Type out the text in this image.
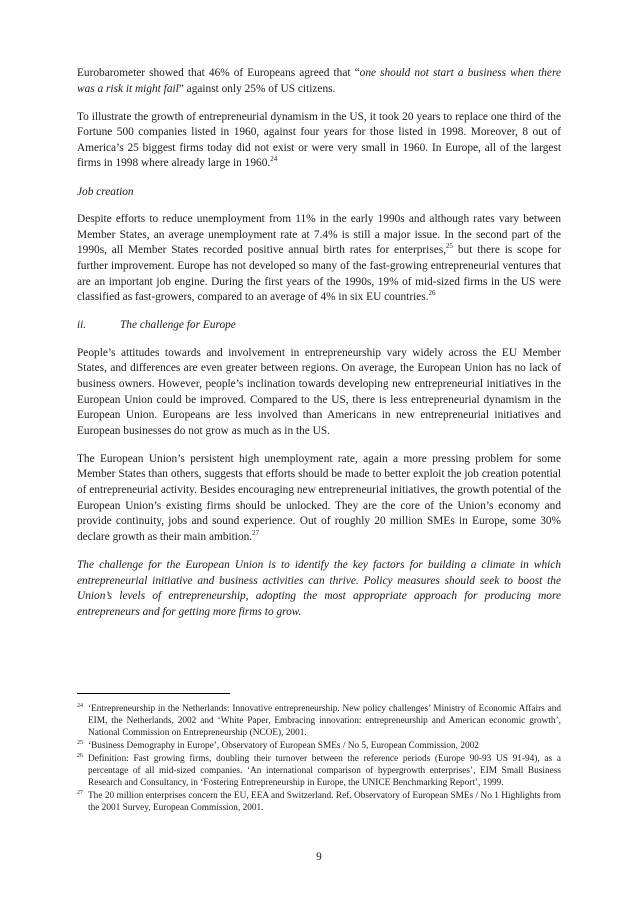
Eurobarometer showed that 46% of Europeans agreed that “one should not start a business when there was a risk it might fail” against only 25% of US citizens.

To illustrate the growth of entrepreneurial dynamism in the US, it took 20 years to replace one third of the Fortune 500 companies listed in 1960, against four years for those listed in 1998. Moreover, 8 out of America’s 25 biggest firms today did not exist or were very small in 1960. In Europe, all of the largest firms in 1998 where already large in 1960.24

Job creation

Despite efforts to reduce unemployment from 11% in the early 1990s and although rates vary between Member States, an average unemployment rate at 7.4% is still a major issue. In the second part of the 1990s, all Member States recorded positive annual birth rates for enterprises,$^{25}$ but there is scope for further improvement. Europe has not developed so many of the fast-growing entrepreneurial ventures that are an important job engine. During the first years of the 1990s, 19% of mid-sized firms in the US were classified as fast-growers, compared to an average of 4% in six EU countries.$^{26}$

ii.	The challenge for Europe

People’s attitudes towards and involvement in entrepreneurship vary widely across the EU Member States, and differences are even greater between regions. On average, the European Union has no lack of business owners. However, people’s inclination towards developing new entrepreneurial initiatives in the European Union could be improved. Compared to the US, there is less entrepreneurial dynamism in the European Union. Europeans are less involved than Americans in new entrepreneurial initiatives and European businesses do not grow as much as in the US.

The European Union’s persistent high unemployment rate, again a more pressing problem for some Member States than others, suggests that efforts should be made to better exploit the job creation potential of entrepreneurial activity. Besides encouraging new entrepreneurial initiatives, the growth potential of the European Union’s existing firms should be unlocked. They are the core of the Union’s economy and provide continuity, jobs and sound experience. Out of roughly 20 million SMEs in Europe, some 30% declare growth as their main ambition.$^{27}$

The challenge for the European Union is to identify the key factors for building a climate in which entrepreneurial initiative and business activities can thrive. Policy measures should seek to boost the Union’s levels of entrepreneurship, adopting the most appropriate approach for producing more entrepreneurs and for getting more firms to grow.

24 ‘Entrepreneurship in the Netherlands: Innovative entrepreneurship. New policy challenges’ Ministry of Economic Affairs and EIM, the Netherlands, 2002 and ‘White Paper, Embracing innovation: entrepreneurship and American economic growth’, National Commission on Entrepreneurship (NCOE), 2001.
25 ‘Business Demography in Europe’, Observatory of European SMEs / No 5, European Commission, 2002
26 Definition: Fast growing firms, doubling their turnover between the reference periods (Europe 90-93 US 91-94), as a percentage of all mid-sized companies. ‘An international comparison of hypergrowth enterprises’, EIM Small Business Research and Consultancy, in ‘Fostering Entrepreneurship in Europe, the UNICE Benchmarking Report’, 1999.
27 The 20 million enterprises concern the EU, EEA and Switzerland. Ref. Observatory of European SMEs / No 1 Highlights from the 2001 Survey, European Commission, 2001.
9
